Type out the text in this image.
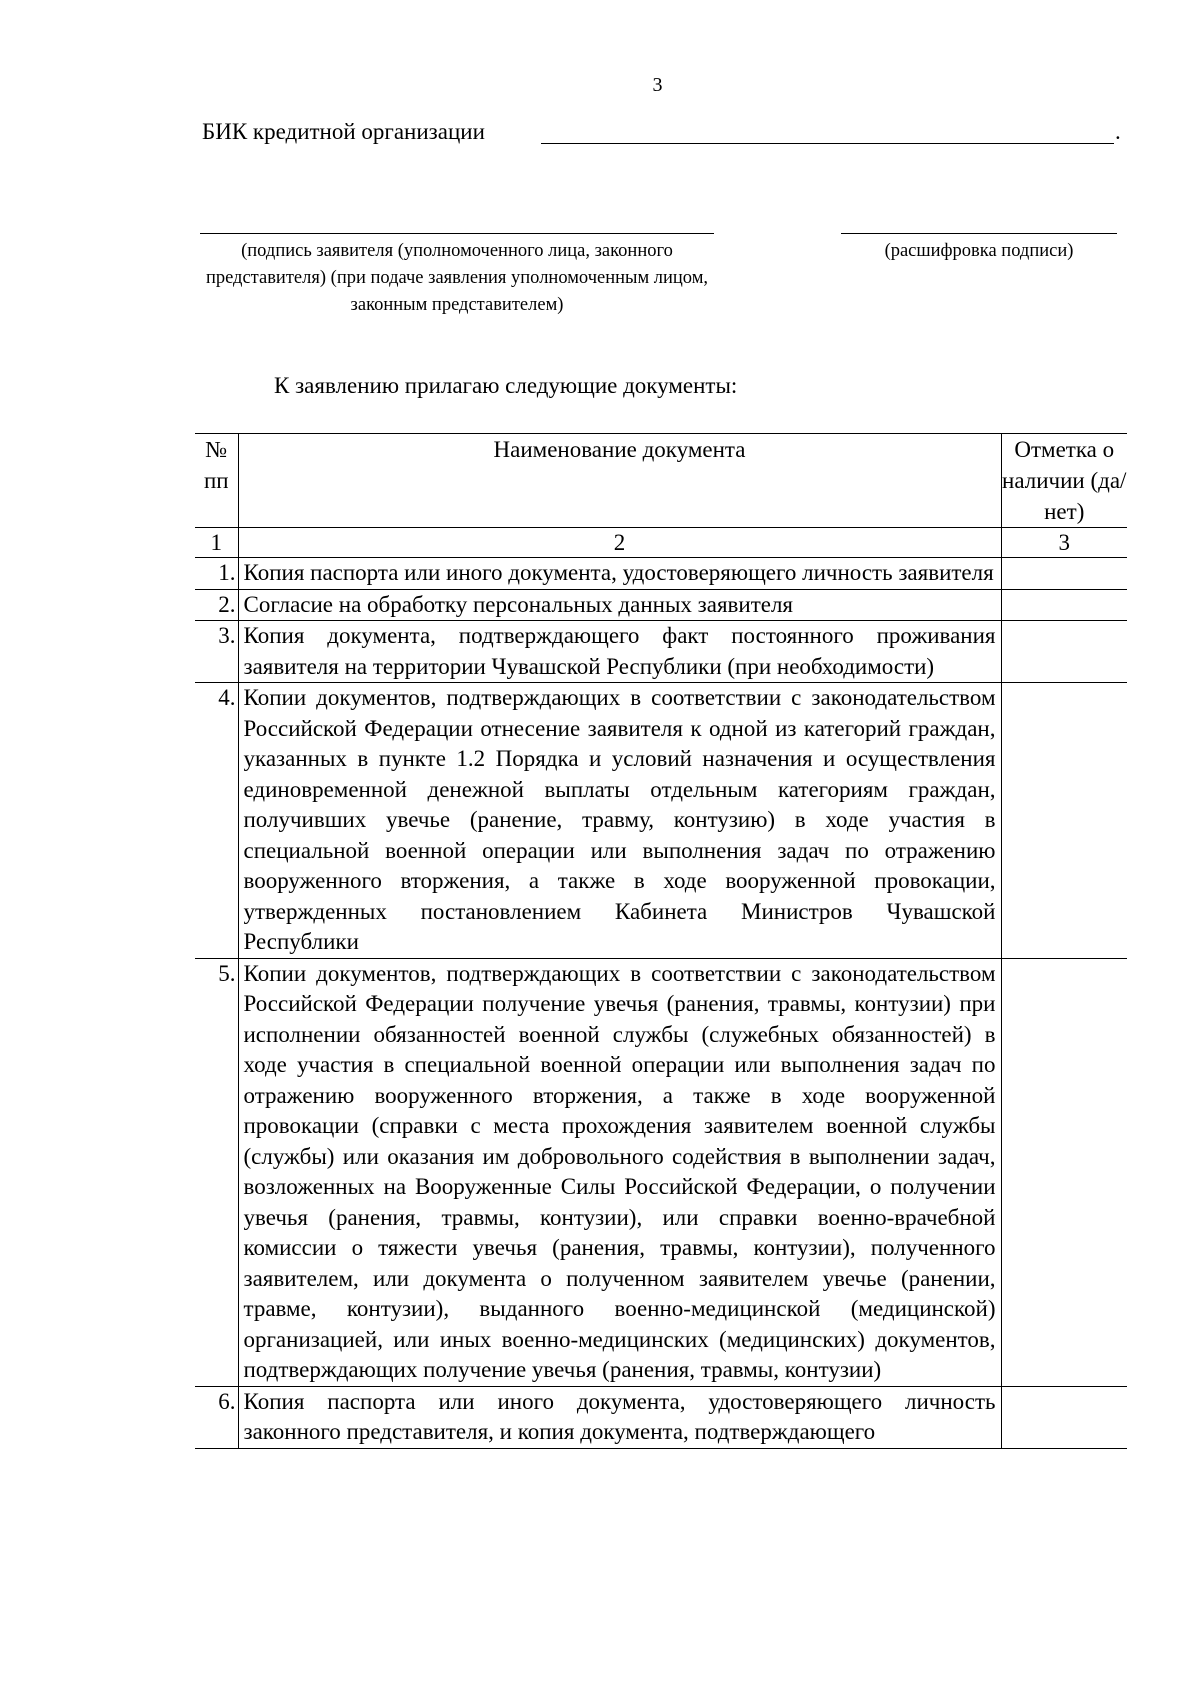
3
БИК кредитной организации	.
(подпись заявителя (уполномоченного лица, законного представителя) (при подаче заявления уполномоченным лицом, законным представителем)
(расшифровка подписи)
К заявлению прилагаю следующие документы:
№ пп	Наименование документа	Отметка о наличии (да/нет)
1	2	3
1.	Копия паспорта или иного документа, удостоверяющего личность заявителя	
2.	Согласие на обработку персональных данных заявителя	
3.	Копия документа, подтверждающего факт постоянного проживания заявителя на территории Чувашской Республики (при необходимости)	
4.	Копии документов, подтверждающих в соответствии с законодательством Российской Федерации отнесение заявителя к одной из категорий граждан, указанных в пункте 1.2 Порядка и условий назначения и осуществления единовременной денежной выплаты отдельным категориям граждан, получивших увечье (ранение, травму, контузию) в ходе участия в специальной военной операции или выполнения задач по отражению вооруженного вторжения, а также в ходе вооруженной провокации, утвержденных постановлением Кабинета Министров Чувашской Республики	
5.	Копии документов, подтверждающих в соответствии с законодательством Российской Федерации получение увечья (ранения, травмы, контузии) при исполнении обязанностей военной службы (служебных обязанностей) в ходе участия в специальной военной операции или выполнения задач по отражению вооруженного вторжения, а также в ходе вооруженной провокации (справки с места прохождения заявителем военной службы (службы) или оказания им добровольного содействия в выполнении задач, возложенных на Вооруженные Силы Российской Федерации, о получении увечья (ранения, травмы, контузии), или справки военно-врачебной комиссии о тяжести увечья (ранения, травмы, контузии), полученного заявителем, или документа о полученном заявителем увечье (ранении, травме, контузии), выданного военно-медицинской (медицинской) организацией, или иных военно-медицинских (медицинских) документов, подтверждающих получение увечья (ранения, травмы, контузии)	
6.	Копия паспорта или иного документа, удостоверяющего личность законного представителя, и копия документа, подтверждающего	
